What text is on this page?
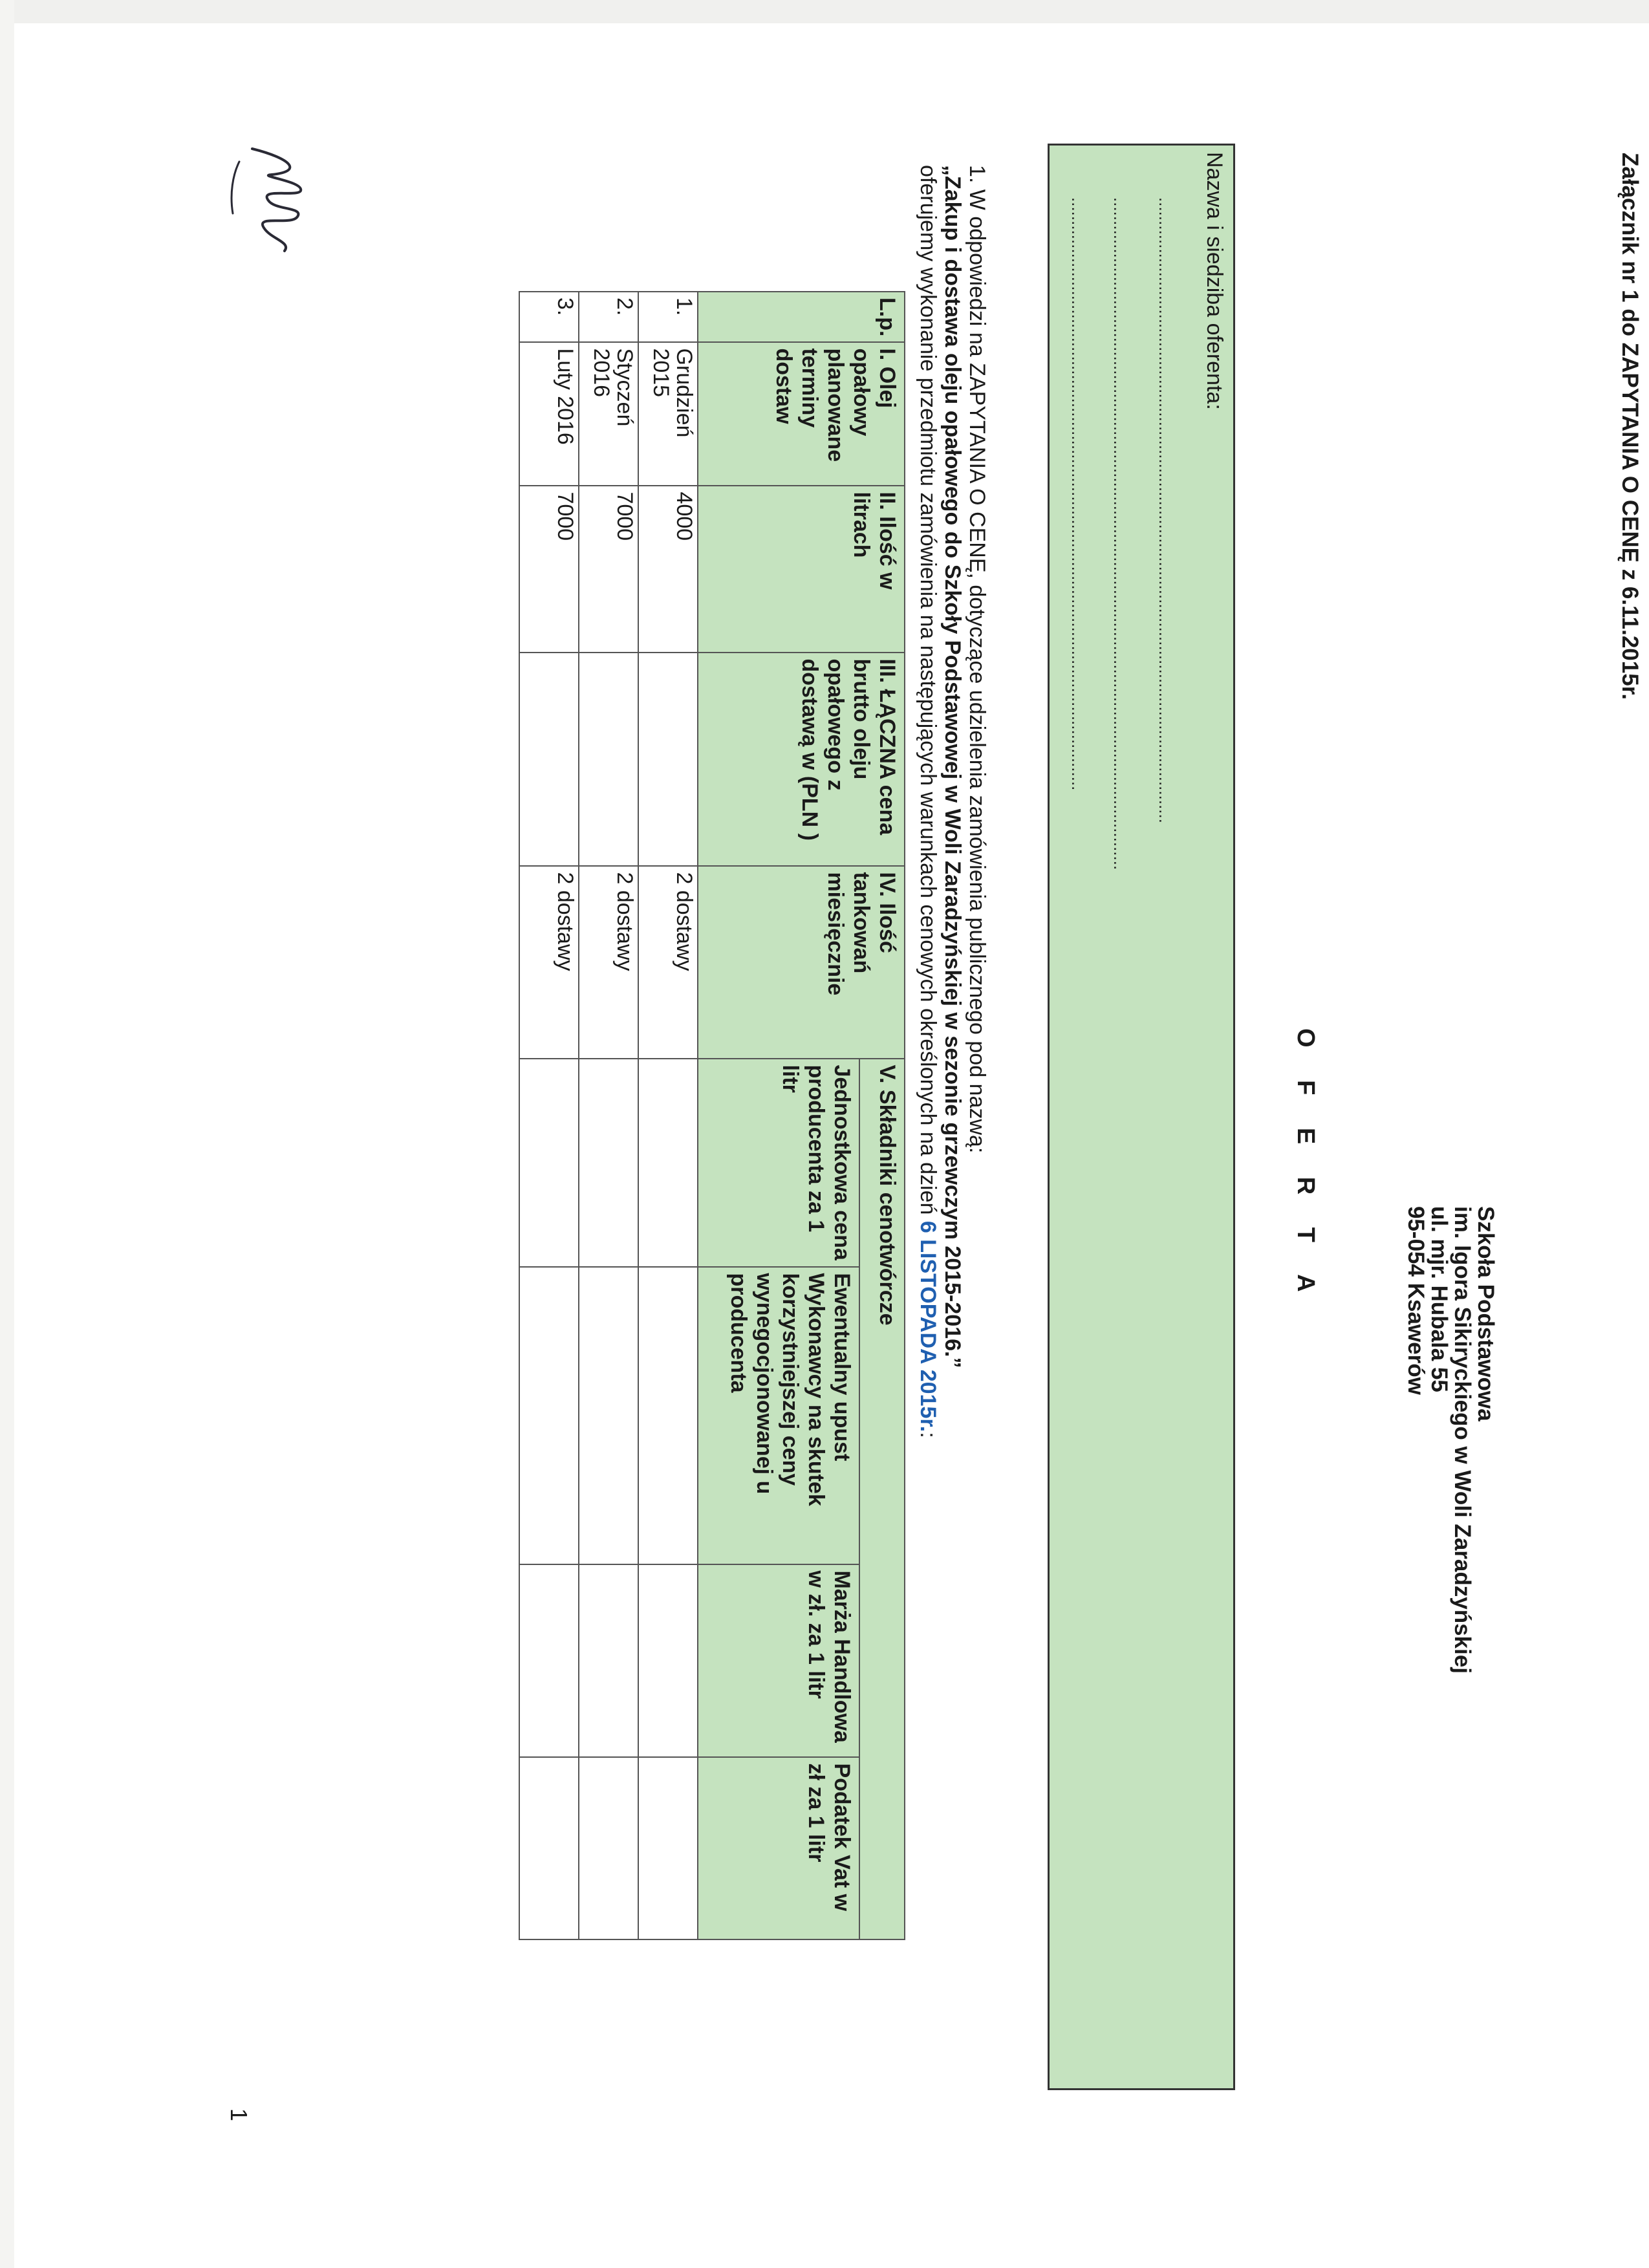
Załącznik nr 1 do ZAPYTANIA O CENĘ z 6.11.2015r.
Szkoła Podstawowa
im. Igora Sikiryckiego w Woli Zaradzyńskiej
ul. mjr. Hubala 55
95-054 Ksawerów
O F E R T A
Nazwa i siedziba oferenta:
......................................................................................................................................
................................................................................................................................................
...............................................................................................................................
1. W odpowiedzi na ZAPYTANIA O CENĘ, dotyczące udzielenia zamówienia publicznego pod nazwą:
„Zakup i dostawa oleju opałowego do Szkoły Podstawowej w Woli Zaradzyńskiej w sezonie grzewczym 2015-2016.”
oferujemy wykonanie przedmiotu zamówienia na następujących warunkach cenowych określonych na dzień 6 LISTOPADA 2015r.:
L.p.	I. Olej opałowy planowane terminy dostaw	II. Ilość w litrach	III. ŁĄCZNA cena brutto oleju opałowego z dostawą w (PLN )	IV. Ilość tankowań miesięcznie	V. Składniki cenotwórcze			
					Jednostkowa cena producenta za 1 litr	Ewentualny upust Wykonawcy na skutek korzystniejszej ceny wynegocjonowanej u producenta	Marża Handlowa w zł. za 1 litr	Podatek Vat w zł za 1 litr
1.	Grudzień 2015	4000		2 dostawy				
2.	Styczeń 2016	7000		2 dostawy				
3.	Luty 2016	7000		2 dostawy				
1
